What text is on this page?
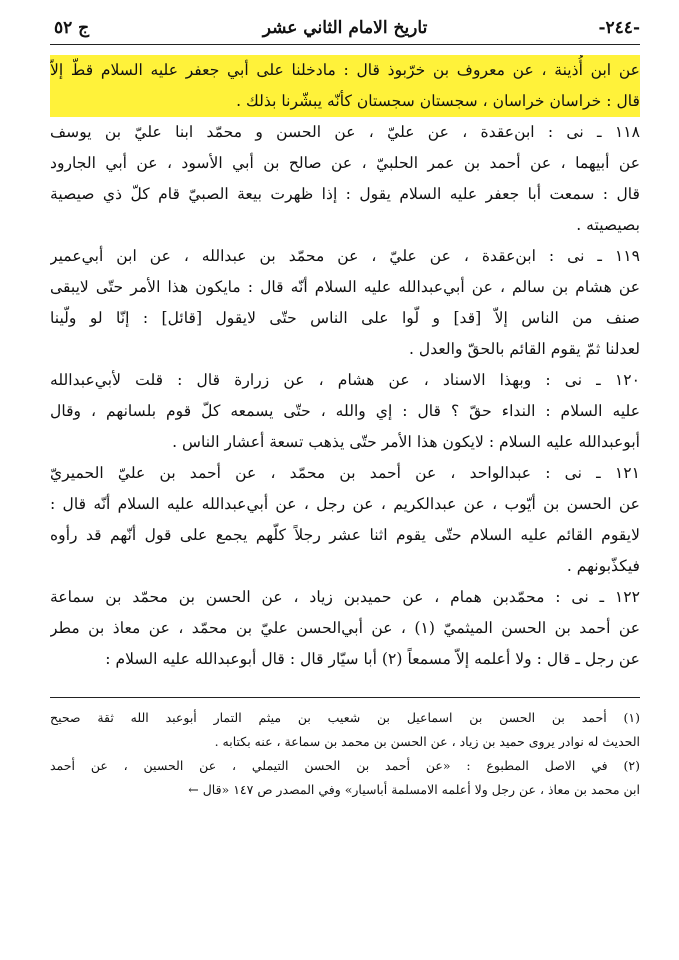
-٢٤٤-
تاريخ الامام الثاني عشر
ج ٥٢

عن ابن أُذينة ، عن معروف بن خرّبوذ قال : مادخلنا على أبي جعفر عليه السلام قطّ إلاّ
قال : خراسان خراسان ، سجستان سجستان كأنّه يبشّرنا بذلك .

١١٨ ـ نى : ابن‌عقدة ، عن عليّ ، عن الحسن و محمّد ابنا عليّ بن يوسف
عن أبيهما ، عن أحمد بن عمر الحلبيّ ، عن صالح بن أبي الأسود ، عن أبي الجارود
قال : سمعت أبا جعفر عليه السلام يقول : إذا ظهرت بيعة الصبيّ قام كلّ ذي صيصية
بصيصيته .

١١٩ ـ نى : ابن‌عقدة ، عن عليّ ، عن محمّد بن عبدالله ، عن ابن أبي‌عمير
عن هشام بن سالم ، عن أبي‌عبدالله عليه السلام أنّه قال : مايكون هذا الأمر حتّى لايبقى
صنف من الناس إلاّ [قد] و لّوا على الناس حتّى لايقول [قائل] : إنّا لو ولّينا
لعدلنا ثمّ يقوم القائم بالحقّ والعدل .

١٢٠ ـ نى : وبهذا الاسناد ، عن هشام ، عن زرارة قال : قلت لأبي‌عبدالله
عليه السلام : النداء حقّ ؟ قال : إي والله ، حتّى يسمعه كلّ قوم بلسانهم ، وقال
أبوعبدالله عليه السلام : لايكون هذا الأمر حتّى يذهب تسعة أعشار الناس .

١٢١ ـ نى : عبدالواحد ، عن أحمد بن محمّد ، عن أحمد بن عليّ الحميريّ
عن الحسن بن أيّوب ، عن عبدالكريم ، عن رجل ، عن أبي‌عبدالله عليه السلام أنّه قال :
لايقوم القائم عليه السلام حتّى يقوم اثنا عشر رجلاً كلّهم يجمع على قول أنّهم قد رأوه
فيكذّبونهم .

١٢٢ ـ نى : محمّدبن همام ، عن حميدبن زياد ، عن الحسن بن محمّد بن سماعة
عن أحمد بن الحسن الميثميّ (١) ، عن أبي‌الحسن عليّ بن محمّد ، عن معاذ بن مطر
عن رجل ـ قال : ولا أعلمه إلاّ مسمعاً (٢) أبا سيّار قال : قال أبوعبدالله عليه السلام :

(١) أحمد بن الحسن بن اسماعيل بن شعيب بن ميثم التمار أبوعبد الله ثقة صحيح
الحديث له نوادر يروى حميد بن زياد ، عن الحسن بن محمد بن سماعة ، عنه بكتابه .

(٢) في الاصل المطبوع : «عن أحمد بن الحسن التيملي ، عن الحسين ، عن أحمد
ابن محمد بن معاذ ، عن رجل ولا أعلمه الامسلمة أباسيار» وفي المصدر ص ١٤٧ «قال ←
